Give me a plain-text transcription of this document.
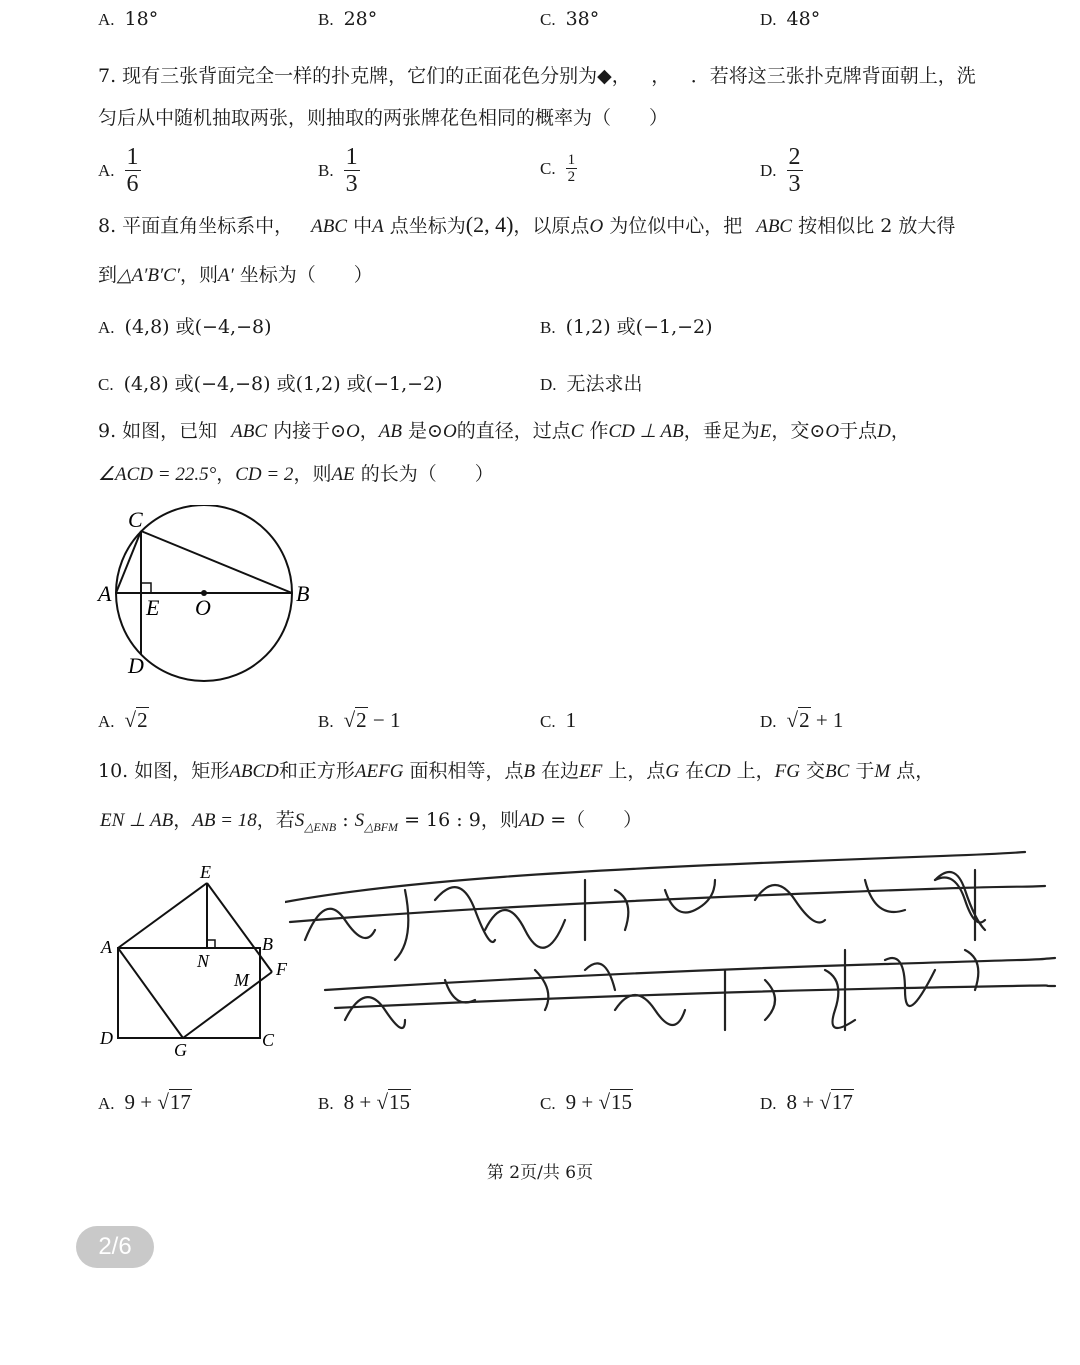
A. 18°	B. 28°	C. 38°	D. 48°
7. 现有三张背面完全一样的扑克牌，它们的正面花色分别为◆， ， ．若将这三张扑克牌背面朝上，洗
匀后从中随机抽取两张，则抽取的两张牌花色相同的概率为（　　）
A. $\frac{1}{6}$	B. $\frac{1}{3}$	C. $\frac{1}{2}$	D. $\frac{2}{3}$
8. 平面直角坐标系中， ABC 中A 点坐标为(2, 4)，以原点O 为位似中心，把 ABC 按相似比 2 放大得
到△A′B′C′，则A′ 坐标为（　　）
A. (4,8) 或(−4,−8)	B. (1,2) 或(−1,−2)
C. (4,8) 或(−4,−8) 或(1,2) 或(−1,−2)	D. 无法求出
9. 如图，已知 ABC 内接于⊙O，AB 是⊙O的直径，过点C 作CD ⊥ AB，垂足为E，交⊙O于点D，
∠ACD = 22.5°，CD = 2，则AE 的长为（　　）
C
A
E O
B
D
A. √2	B. √2 − 1	C. 1	D. √2 + 1
10. 如图，矩形ABCD和正方形AEFG 面积相等，点B 在边EF 上，点G 在CD 上，FG 交BC 于M 点，
EN ⊥ AB，AB = 18，若$S_{\triangle ENB}$ : $S_{\triangle BFM} = 16$ : 9，则AD =（　　）
E
A	B
N	F
M
D
G	C
A. 9 + √17	B. 8 + √15	C. 9 + √15	D. 8 + √17
第 2页/共 6页
2/6
